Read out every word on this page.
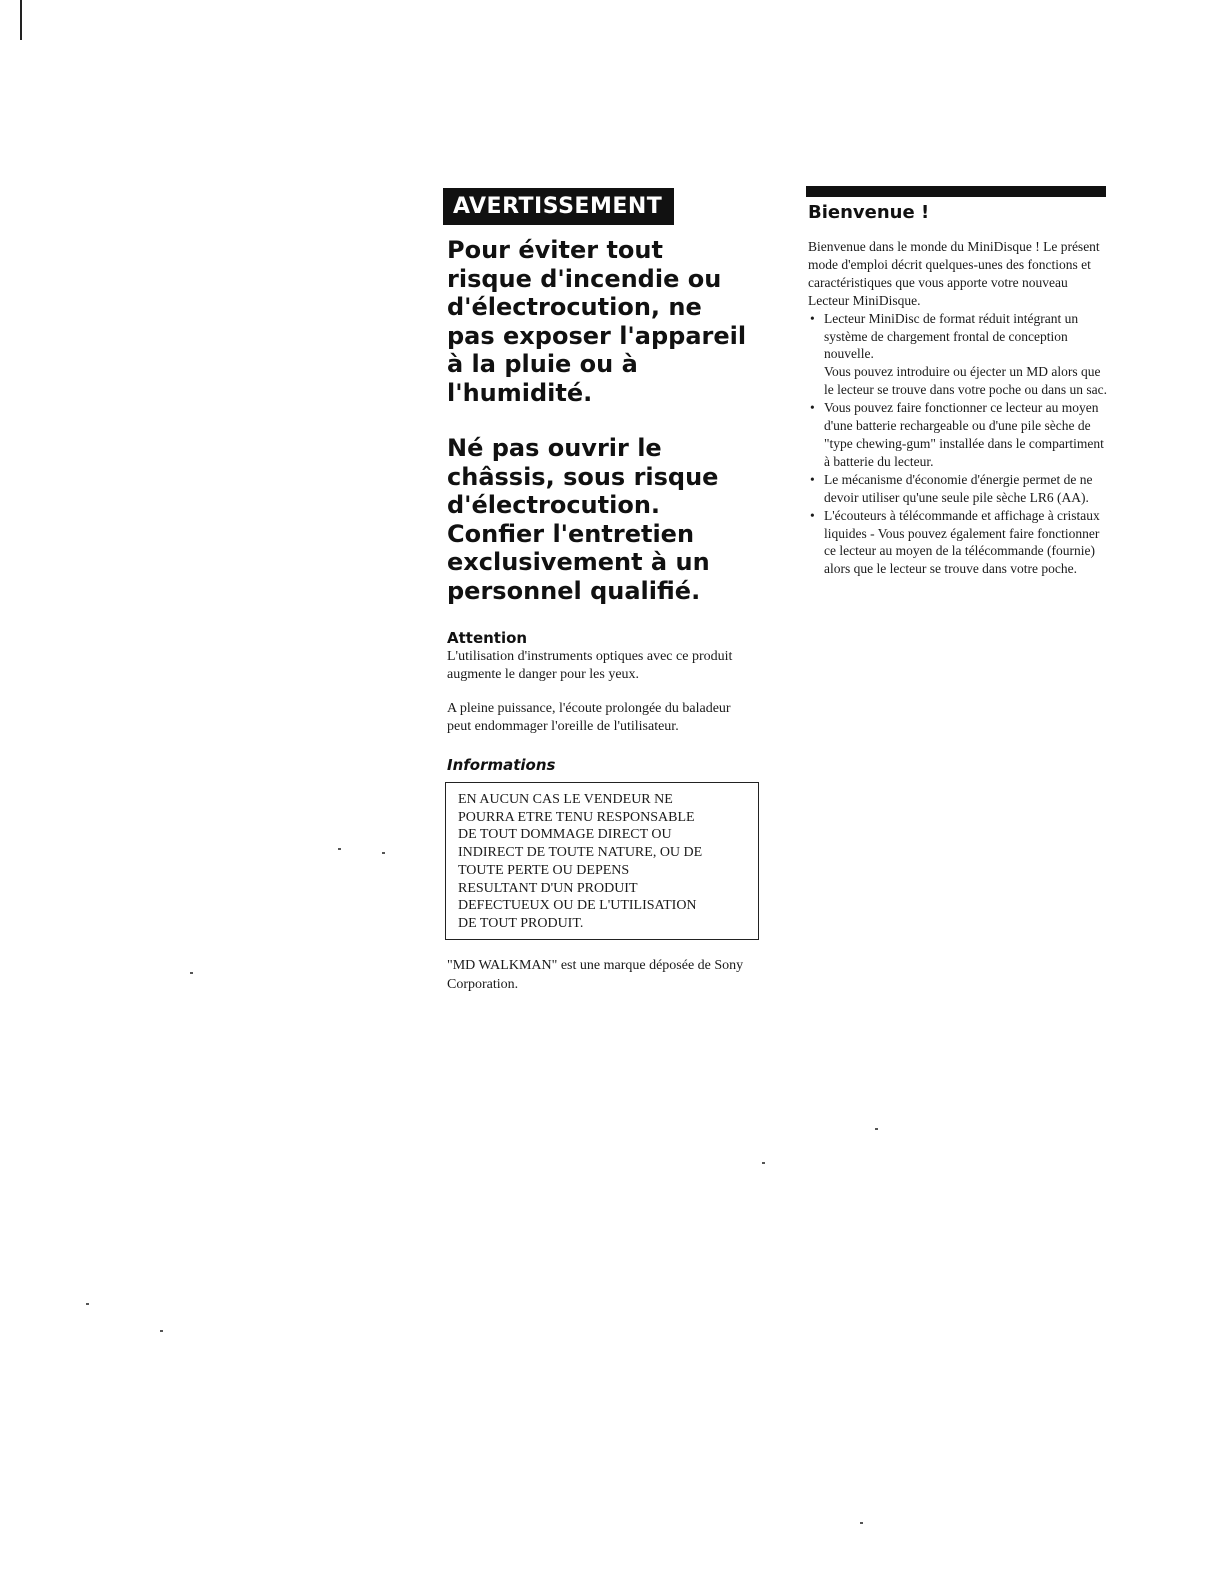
AVERTISSEMENT
Pour éviter tout risque d'incendie ou d'électrocution, ne pas exposer l'appareil à la pluie ou à l'humidité.
Né pas ouvrir le châssis, sous risque d'électrocution. Confier l'entretien exclusivement à un personnel qualifié.
Attention
L'utilisation d'instruments optiques avec ce produit augmente le danger pour les yeux.
A pleine puissance, l'écoute prolongée du baladeur peut endommager l'oreille de l'utilisateur.
Informations
EN AUCUN CAS LE VENDEUR NE
POURRA ETRE TENU RESPONSABLE
DE TOUT DOMMAGE DIRECT OU
INDIRECT DE TOUTE NATURE, OU DE
TOUTE PERTE OU DEPENS
RESULTANT D'UN PRODUIT
DEFECTUEUX OU DE L'UTILISATION
DE TOUT PRODUIT.
"MD WALKMAN" est une marque déposée de Sony Corporation.
Bienvenue !
Bienvenue dans le monde du MiniDisque ! Le présent mode d'emploi décrit quelques-unes des fonctions et caractéristiques que vous apporte votre nouveau Lecteur MiniDisque.
• Lecteur MiniDisc de format réduit intégrant un système de chargement frontal de conception nouvelle.
Vous pouvez introduire ou éjecter un MD alors que le lecteur se trouve dans votre poche ou dans un sac.
• Vous pouvez faire fonctionner ce lecteur au moyen d'une batterie rechargeable ou d'une pile sèche de "type chewing-gum" installée dans le compartiment à batterie du lecteur.
• Le mécanisme d'économie d'énergie permet de ne devoir utiliser qu'une seule pile sèche LR6 (AA).
• L'écouteurs à télécommande et affichage à cristaux liquides - Vous pouvez également faire fonctionner ce lecteur au moyen de la télécommande (fournie) alors que le lecteur se trouve dans votre poche.
